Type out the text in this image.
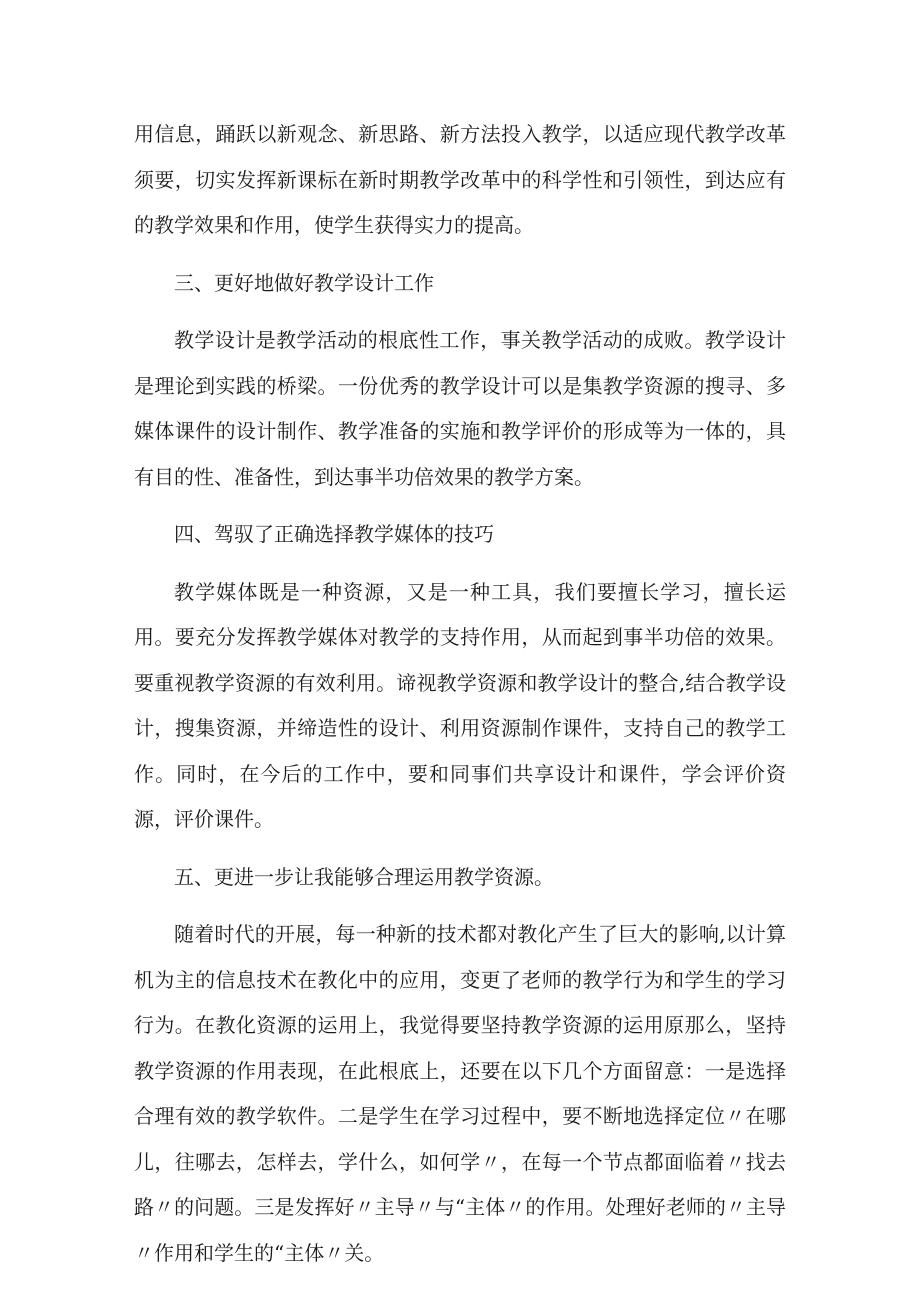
用信息，踊跃以新观念、新思路、新方法投入教学，以适应现代教学改革须要，切实发挥新课标在新时期教学改革中的科学性和引领性，到达应有的教学效果和作用，使学生获得实力的提高。

三、更好地做好教学设计工作

教学设计是教学活动的根底性工作，事关教学活动的成败。教学设计是理论到实践的桥梁。一份优秀的教学设计可以是集教学资源的搜寻、多媒体课件的设计制作、教学准备的实施和教学评价的形成等为一体的，具有目的性、准备性，到达事半功倍效果的教学方案。

四、驾驭了正确选择教学媒体的技巧

教学媒体既是一种资源，又是一种工具，我们要擅长学习，擅长运用。要充分发挥教学媒体对教学的支持作用，从而起到事半功倍的效果。要重视教学资源的有效利用。谛视教学资源和教学设计的整合,结合教学设计，搜集资源，并缔造性的设计、利用资源制作课件，支持自己的教学工作。同时，在今后的工作中，要和同事们共享设计和课件，学会评价资源，评价课件。

五、更进一步让我能够合理运用教学资源。

随着时代的开展，每一种新的技术都对教化产生了巨大的影响,以计算机为主的信息技术在教化中的应用，变更了老师的教学行为和学生的学习行为。在教化资源的运用上，我觉得要坚持教学资源的运用原那么，坚持教学资源的作用表现，在此根底上，还要在以下几个方面留意：一是选择合理有效的教学软件。二是学生在学习过程中，要不断地选择定位〃在哪儿，往哪去，怎样去，学什么，如何学〃，在每一个节点都面临着〃找去路〃的问题。三是发挥好〃主导〃与“主体〃的作用。处理好老师的〃主导〃作用和学生的“主体〃关。
